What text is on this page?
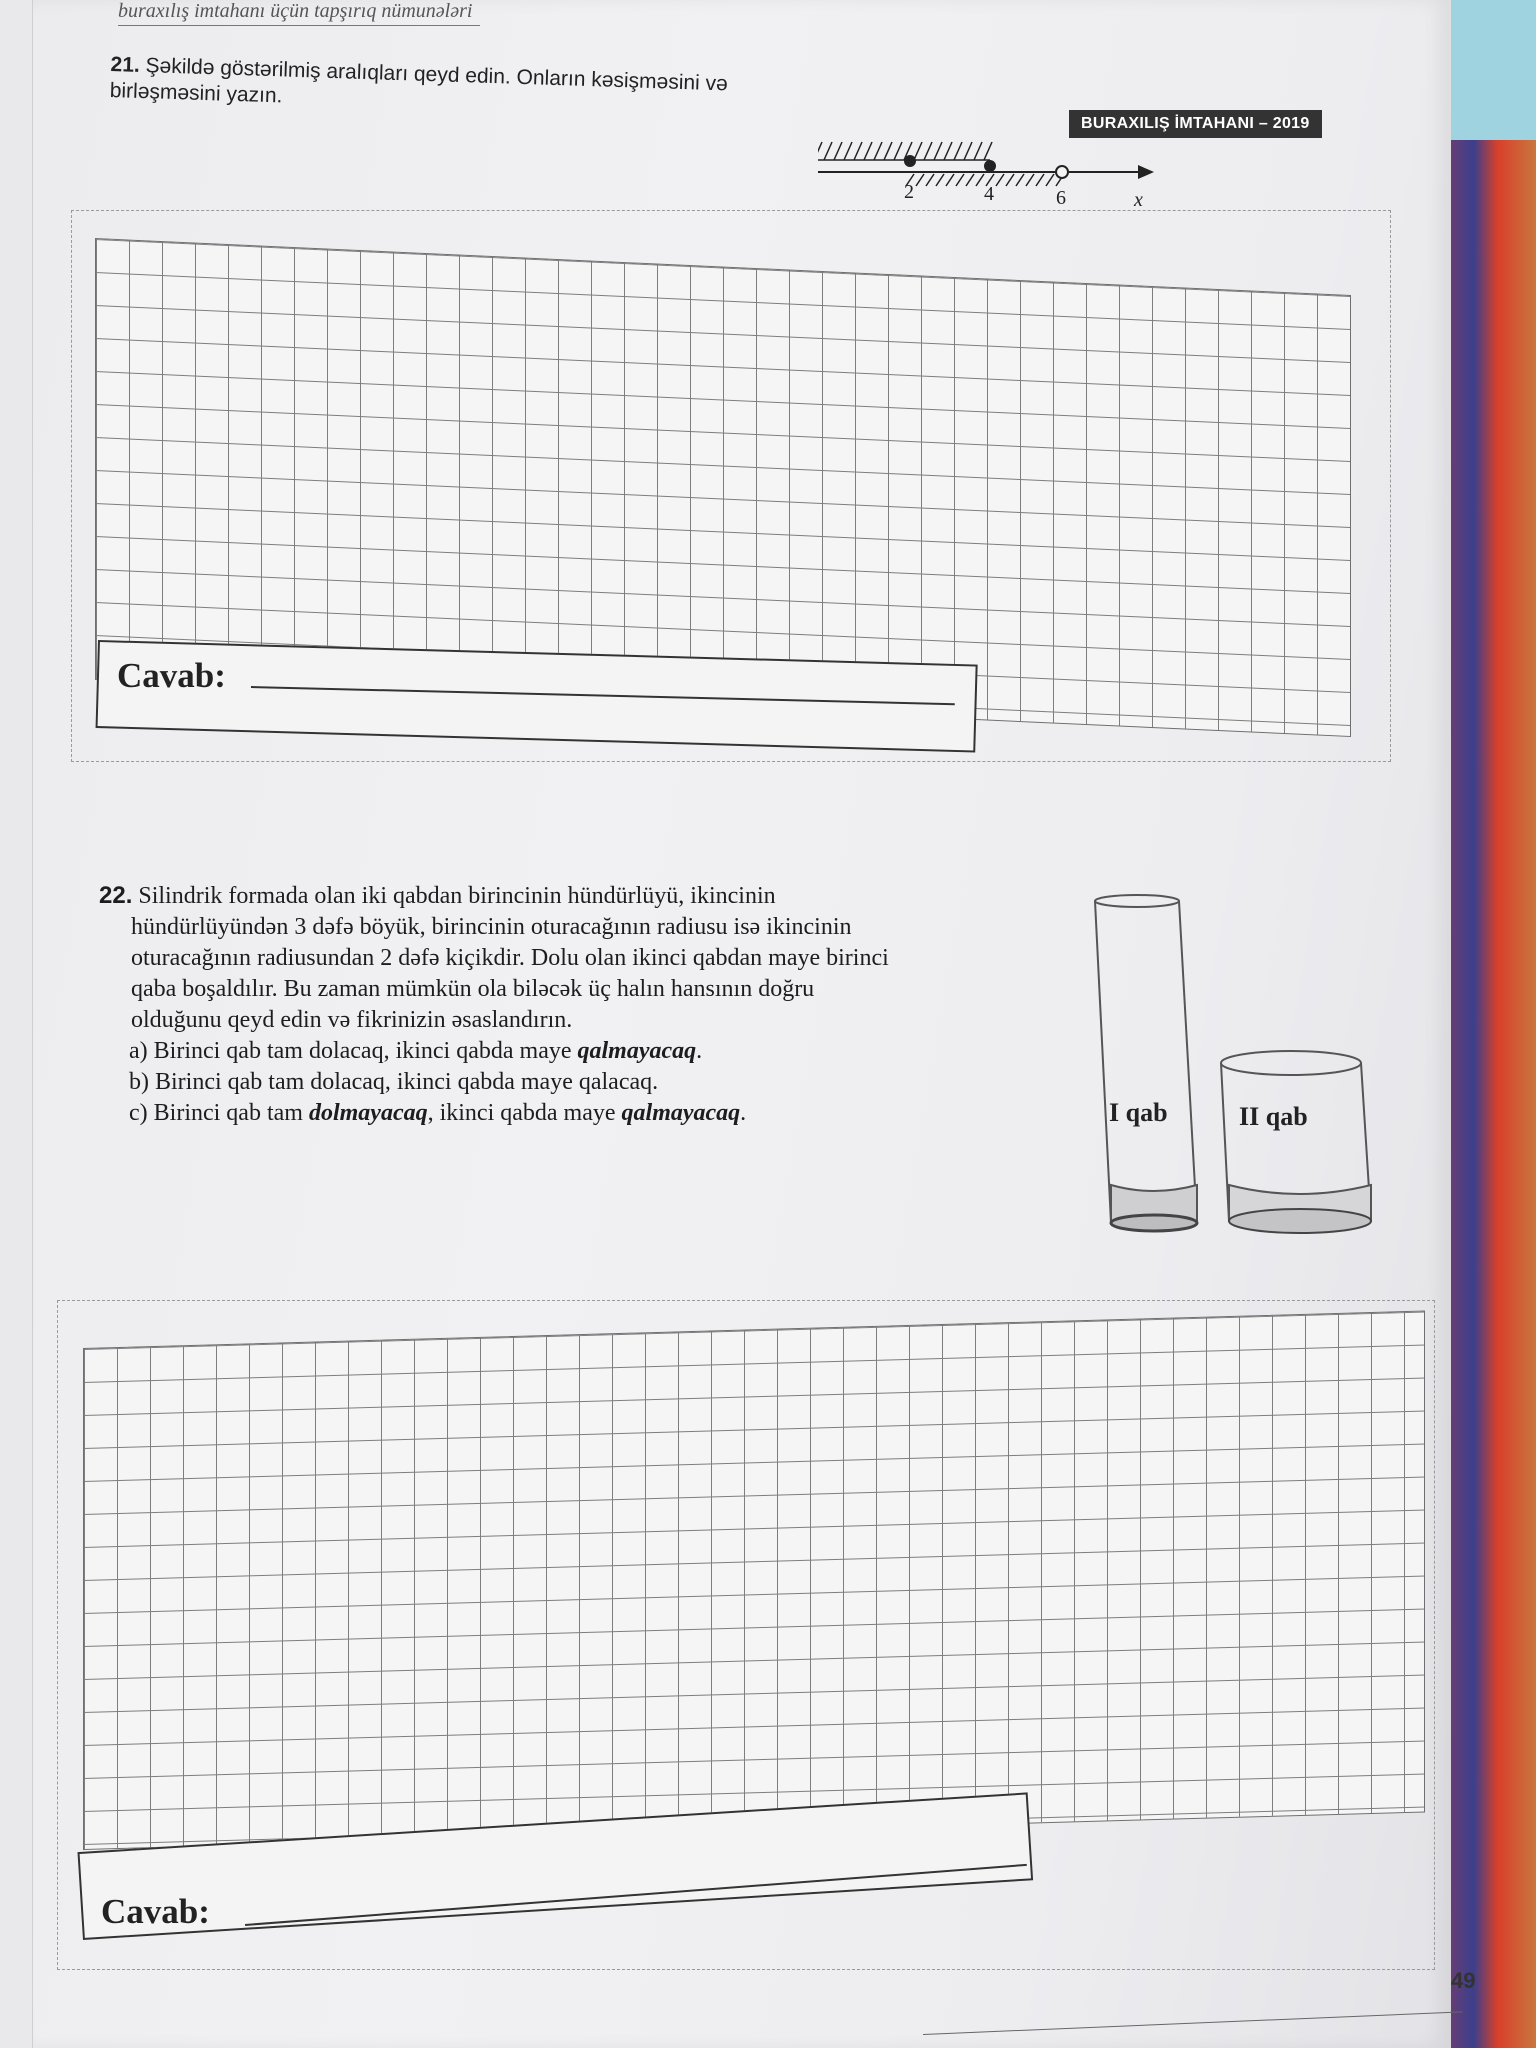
buraxılış imtahanı üçün tapşırıq nümunələri
BURAXILIŞ İMTAHANI – 2019
21. Şəkildə göstərilmiş aralıqları qeyd edin. Onların kəsişməsini və birləşməsini yazın.
2	4	6	x
Cavab:

22. Silindrik formada olan iki qabdan birincinin hündürlüyü, ikincinin

hündürlüyündən 3 dəfə böyük, birincinin oturacağının radiusu isə ikincinin

oturacağının radiusundan 2 dəfə kiçikdir. Dolu olan ikinci qabdan maye birinci

qaba boşaldılır. Bu zaman mümkün ola biləcək üç halın hansının doğru

olduğunu qeyd edin və fikrinizin əsaslandırın.

a) Birinci qab tam dolacaq, ikinci qabda maye qalmayacaq.

b) Birinci qab tam dolacaq, ikinci qabda maye qalacaq.

c) Birinci qab tam dolmayacaq, ikinci qabda maye qalmayacaq.	I qab	II qab
Cavab:
49
